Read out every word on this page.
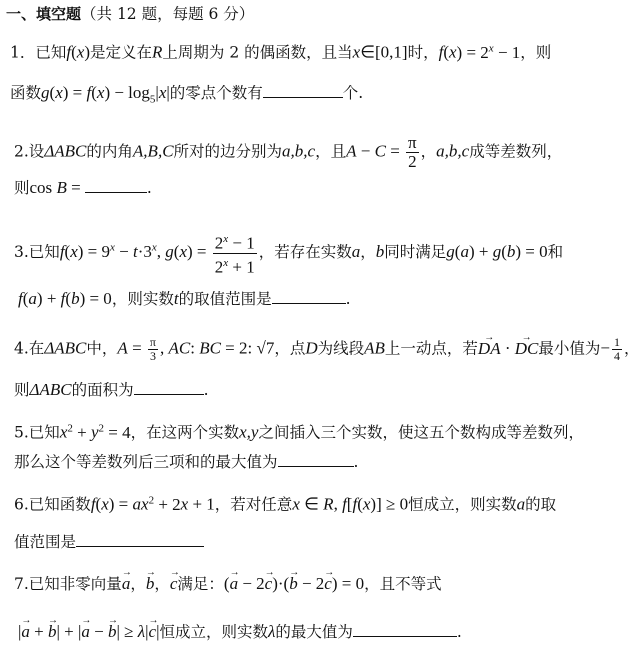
一、填空题（共 12 题，每题 6 分）
1．已知f(x)是定义在R上周期为 2 的偶函数，且当x∈[0,1]时，$f(x) = 2^x - 1$，则
函数$g(x) = f(x) - \log_5|x|$的零点个数有	个.
2.设ΔABC的内角A,B,C所对的边分别为a,b,c，且$A - C = \frac{\pi}{2}$ ，a,b,c成等差数列，
则cos B =	.
3.已知$f(x) = 9^x - t\cdot 3^x$, $g(x) = \frac{2^x - 1}{2^x + 1}$ ，若存在实数a，b同时满足g(a) + g(b) = 0和
f(a) + f(b) = 0，则实数t的取值范围是	.
4.在ΔABC中，$A = \frac{\pi}{3}$ , AC: BC = 2: √7，点D为线段AB上一动点，若→ DA · → DC最小值为− $\frac{1}{4}$ ，
则ΔABC的面积为	.
5.已知$x^2 + y^2 = 4$，在这两个实数x,y之间插入三个实数，使这五个数构成等差数列，
那么这个等差数列后三项和的最大值为	.
6.已知函数$f(x) = ax^2 + 2x + 1$，若对任意x ∈ R, f[f(x)] ≥ 0恒成立，则实数a的取
值范围是
7.已知非零向量→ a，→ b，→ c满足：(→ a − 2→ c)·(→ b − 2→ c) = 0，且不等式
|→ a + → b| + |→ a − → b| ≥ λ|→ c|恒成立，则实数λ的最大值为	.
